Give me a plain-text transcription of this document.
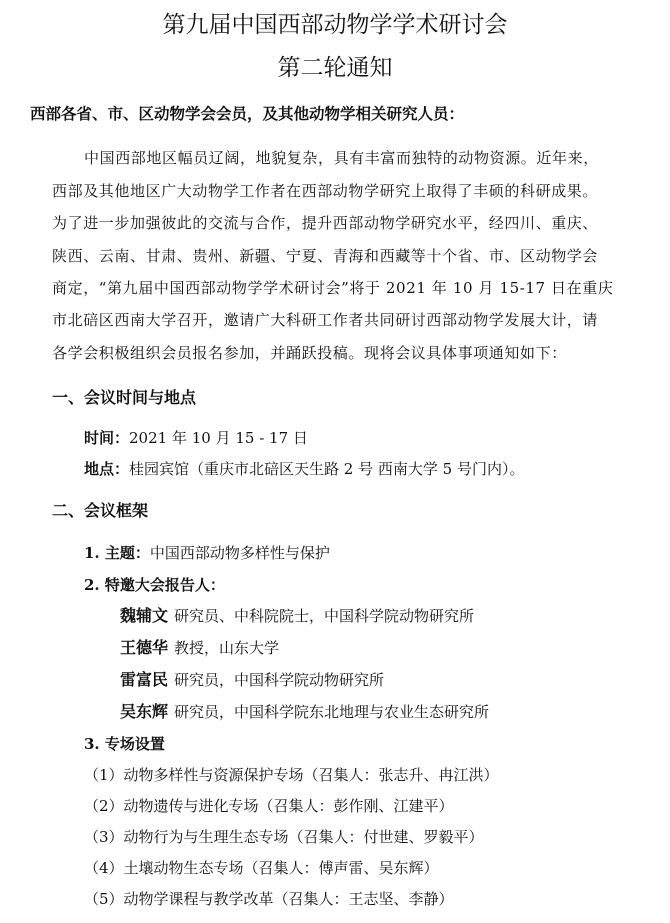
第九届中国西部动物学学术研讨会
第二轮通知
西部各省、市、区动物学会会员，及其他动物学相关研究人员：
中国西部地区幅员辽阔，地貌复杂，具有丰富而独特的动物资源。近年来，
西部及其他地区广大动物学工作者在西部动物学研究上取得了丰硕的科研成果。
为了进一步加强彼此的交流与合作，提升西部动物学研究水平，经四川、重庆、
陕西、云南、甘肃、贵州、新疆、宁夏、青海和西藏等十个省、市、区动物学会
商定，“第九届中国西部动物学学术研讨会”将于 2021 年 10 月 15-17 日在重庆
市北碚区西南大学召开，邀请广大科研工作者共同研讨西部动物学发展大计，请
各学会积极组织会员报名参加，并踊跃投稿。现将会议具体事项通知如下：
一、会议时间与地点
时间：2021 年 10 月 15 - 17 日
地点：桂园宾馆（重庆市北碚区天生路 2 号 西南大学 5 号门内）。
二、会议框架
1. 主题：中国西部动物多样性与保护
2. 特邀大会报告人：
魏辅文 研究员、中科院院士，中国科学院动物研究所
王德华 教授，山东大学
雷富民 研究员，中国科学院动物研究所
吴东辉 研究员，中国科学院东北地理与农业生态研究所
3. 专场设置
（1）动物多样性与资源保护专场（召集人：张志升、冉江洪）
（2）动物遗传与进化专场（召集人：彭作刚、江建平）
（3）动物行为与生理生态专场（召集人：付世建、罗毅平）
（4）土壤动物生态专场（召集人：傅声雷、吴东辉）
（5）动物学课程与教学改革（召集人：王志坚、李静）
